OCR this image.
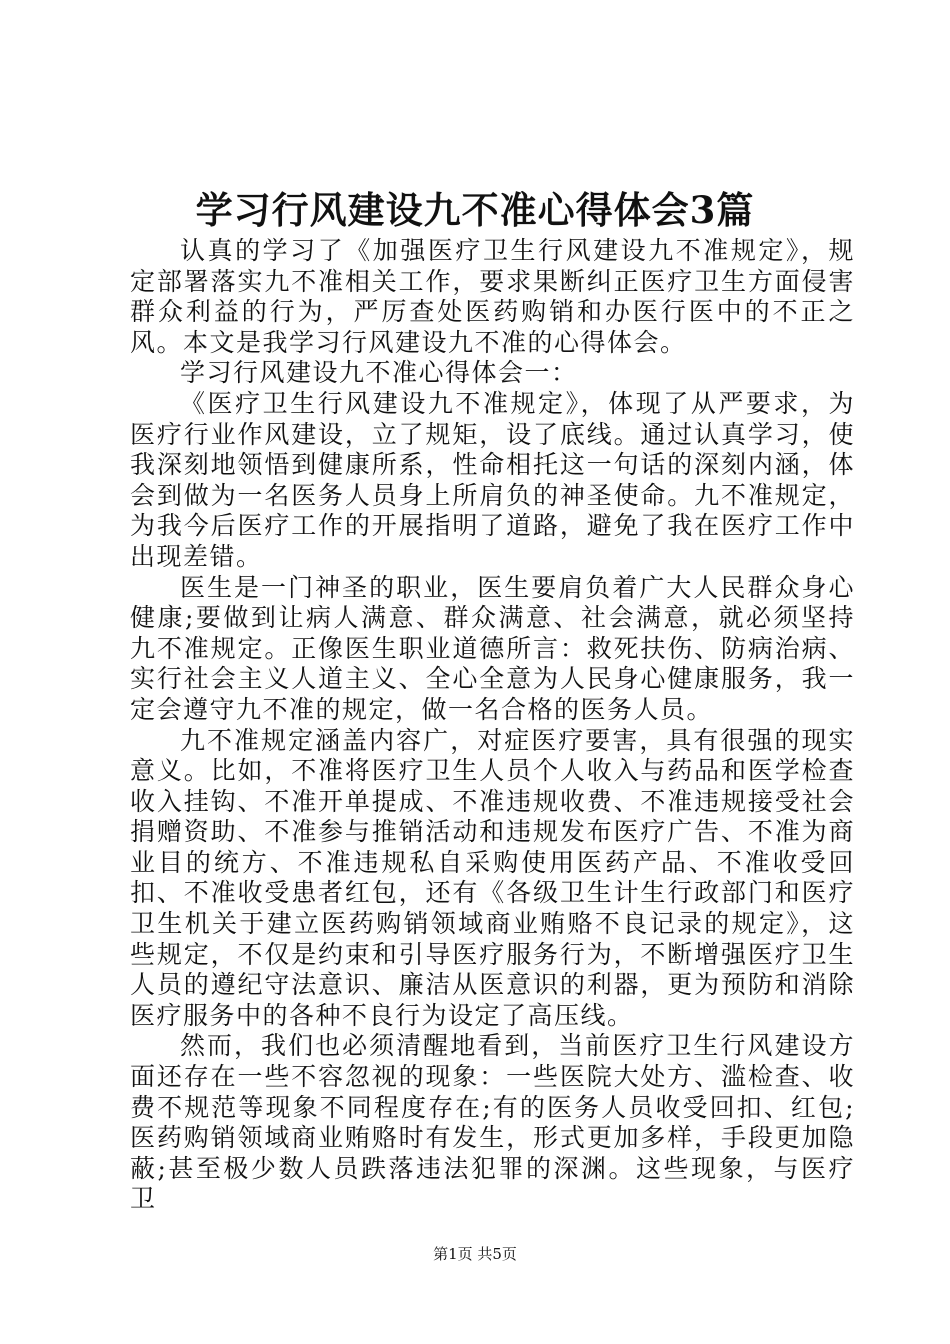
学习行风建设九不准心得体会3篇

认真的学习了《加强医疗卫生行风建设九不准规定》，规定部署落实九不准相关工作，要求果断纠正医疗卫生方面侵害群众利益的行为，严厉查处医药购销和办医行医中的不正之风。本文是我学习行风建设九不准的心得体会。

学习行风建设九不准心得体会一：

《医疗卫生行风建设九不准规定》，体现了从严要求，为医疗行业作风建设，立了规矩，设了底线。通过认真学习，使我深刻地领悟到健康所系，性命相托这一句话的深刻内涵，体会到做为一名医务人员身上所肩负的神圣使命。九不准规定，为我今后医疗工作的开展指明了道路，避免了我在医疗工作中出现差错。

医生是一门神圣的职业，医生要肩负着广大人民群众身心健康;要做到让病人满意、群众满意、社会满意，就必须坚持九不准规定。正像医生职业道德所言：救死扶伤、防病治病、实行社会主义人道主义、全心全意为人民身心健康服务，我一定会遵守九不准的规定，做一名合格的医务人员。

九不准规定涵盖内容广，对症医疗要害，具有很强的现实意义。比如，不准将医疗卫生人员个人收入与药品和医学检查收入挂钩、不准开单提成、不准违规收费、不准违规接受社会捐赠资助、不准参与推销活动和违规发布医疗广告、不准为商业目的统方、不准违规私自采购使用医药产品、不准收受回扣、不准收受患者红包，还有《各级卫生计生行政部门和医疗卫生机关于建立医药购销领域商业贿赂不良记录的规定》，这些规定，不仅是约束和引导医疗服务行为，不断增强医疗卫生人员的遵纪守法意识、廉洁从医意识的利器，更为预防和消除医疗服务中的各种不良行为设定了高压线。

然而，我们也必须清醒地看到，当前医疗卫生行风建设方面还存在一些不容忽视的现象：一些医院大处方、滥检查、收费不规范等现象不同程度存在;有的医务人员收受回扣、红包;医药购销领域商业贿赂时有发生，形式更加多样，手段更加隐蔽;甚至极少数人员跌落违法犯罪的深渊。这些现象，与医疗卫

第1页 共5页
